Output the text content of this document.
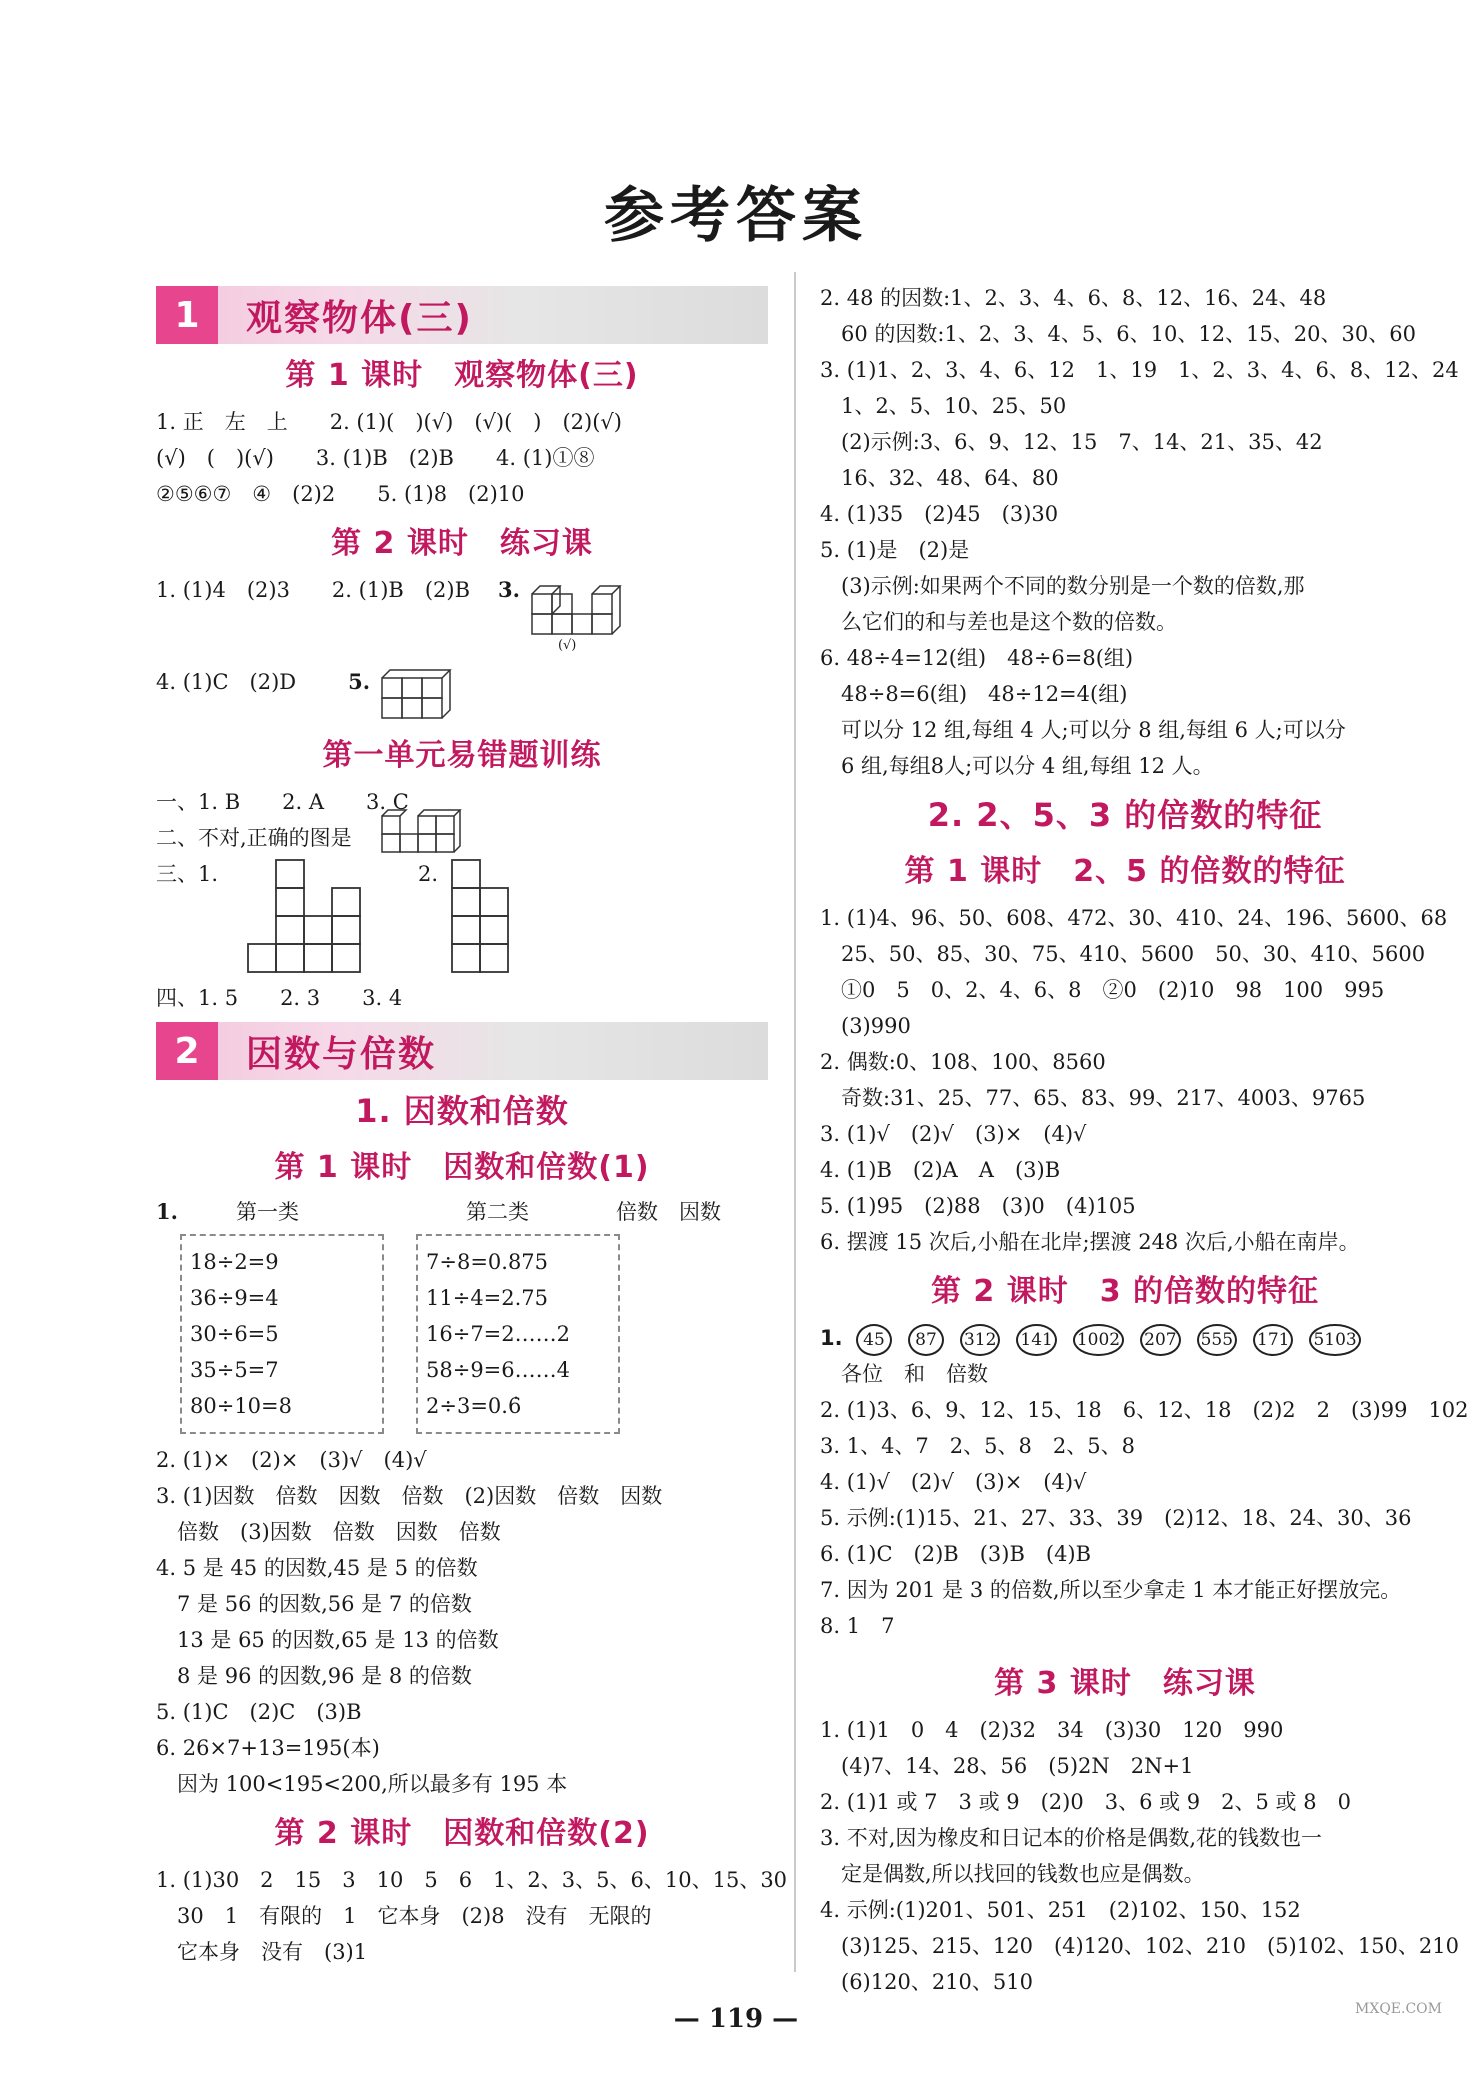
参考答案
1	观察物体(三)
第 1 课时　观察物体(三)
1. 正　左　上　　2. (1)(　)(√)　(√)(　)　(2)(√)
(√)　(　)(√)　　3. (1)B　(2)B　　4. (1)①⑧
②⑤⑥⑦　④　(2)2　　5. (1)8　(2)10
第 2 课时　练习课
1. (1)4　(2)3　　2. (1)B　(2)B 3.
(√)
4. (1)C　(2)D 5.
第一单元易错题训练
一、1. B　　2. A　　3. C
二、不对,正确的图是
三、1.	2.
四、1. 5　　2. 3　　3. 4
2	因数与倍数
1. 因数和倍数
第 1 课时　因数和倍数(1)
1.	第一类	第二类	倍数　因数
18÷2=9
36÷9=4
30÷6=5
35÷5=7
80÷10=8
7÷8=0.875
11÷4=2.75
16÷7=2……2
58÷9=6……4
2÷3=0.6̇
2. (1)×　(2)×　(3)√　(4)√
3. (1)因数　倍数　因数　倍数　(2)因数　倍数　因数
　倍数　(3)因数　倍数　因数　倍数
4. 5 是 45 的因数,45 是 5 的倍数
　7 是 56 的因数,56 是 7 的倍数
　13 是 65 的因数,65 是 13 的倍数
　8 是 96 的因数,96 是 8 的倍数
5. (1)C　(2)C　(3)B
6. 26×7+13=195(本)
　因为 100<195<200,所以最多有 195 本
第 2 课时　因数和倍数(2)
1. (1)30　2　15　3　10　5　6　1、2、3、5、6、10、15、30
　30　1　有限的　1　它本身　(2)8　没有　无限的
　它本身　没有　(3)1
2. 48 的因数:1、2、3、4、6、8、12、16、24、48
　60 的因数:1、2、3、4、5、6、10、12、15、20、30、60
3. (1)1、2、3、4、6、12　1、19　1、2、3、4、6、8、12、24
　1、2、5、10、25、50
　(2)示例:3、6、9、12、15　7、14、21、35、42
　16、32、48、64、80
4. (1)35　(2)45　(3)30
5. (1)是　(2)是
　(3)示例:如果两个不同的数分别是一个数的倍数,那
　么它们的和与差也是这个数的倍数。
6. 48÷4=12(组)　48÷6=8(组)
　48÷8=6(组)　48÷12=4(组)
　可以分 12 组,每组 4 人;可以分 8 组,每组 6 人;可以分
　6 组,每组8人;可以分 4 组,每组 12 人。
2. 2、5、3 的倍数的特征
第 1 课时　2、5 的倍数的特征
1. (1)4、96、50、608、472、30、410、24、196、5600、68
　25、50、85、30、75、410、5600　50、30、410、5600
　①0　5　0、2、4、6、8　②0　(2)10　98　100　995
　(3)990
2. 偶数:0、108、100、8560
　奇数:31、25、77、65、83、99、217、4003、9765
3. (1)√　(2)√　(3)×　(4)√
4. (1)B　(2)A　A　(3)B
5. (1)95　(2)88　(3)0　(4)105
6. 摆渡 15 次后,小船在北岸;摆渡 248 次后,小船在南岸。
第 2 课时　3 的倍数的特征
1. 45 87 312 141 1002 207 555 171 5103
　各位　和　倍数
2. (1)3、6、9、12、15、18　6、12、18　(2)2　2　(3)99　102
3. 1、4、7　2、5、8　2、5、8
4. (1)√　(2)√　(3)×　(4)√
5. 示例:(1)15、21、27、33、39　(2)12、18、24、30、36
6. (1)C　(2)B　(3)B　(4)B
7. 因为 201 是 3 的倍数,所以至少拿走 1 本才能正好摆放完。
8. 1　7
第 3 课时　练习课
1. (1)1　0　4　(2)32　34　(3)30　120　990
　(4)7、14、28、56　(5)2N　2N+1
2. (1)1 或 7　3 或 9　(2)0　3、6 或 9　2、5 或 8　0
3. 不对,因为橡皮和日记本的价格是偶数,花的钱数也一
　定是偶数,所以找回的钱数也应是偶数。
4. 示例:(1)201、501、251　(2)102、150、152
　(3)125、215、120　(4)120、102、210　(5)102、150、210
　(6)120、210、510
— 119 —	MXQE.COM
